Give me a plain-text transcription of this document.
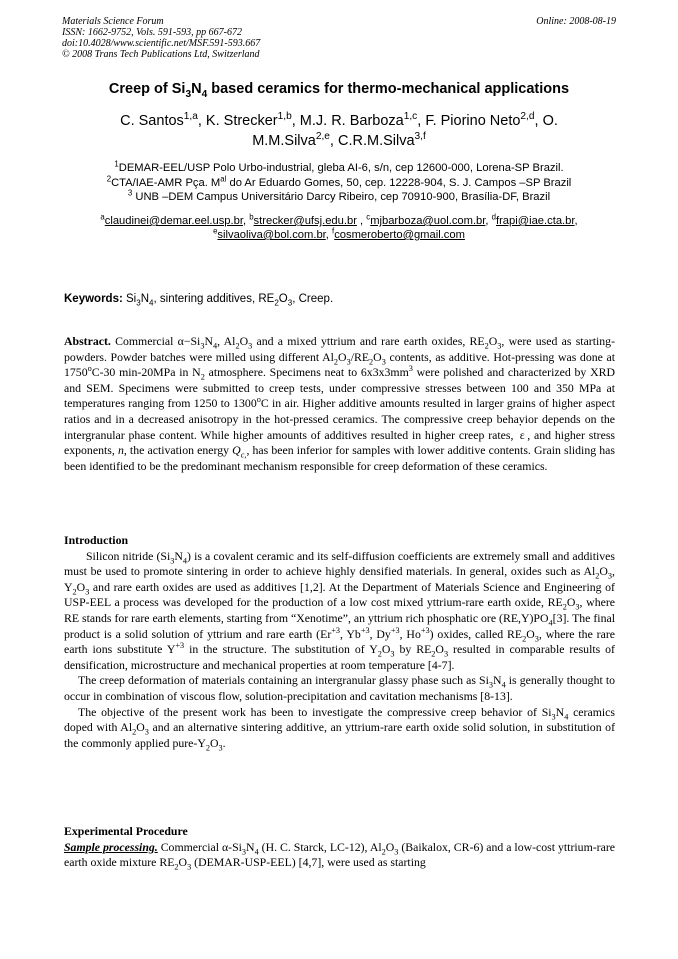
Materials Science Forum
ISSN: 1662-9752, Vols. 591-593, pp 667-672
doi:10.4028/www.scientific.net/MSF.591-593.667
© 2008 Trans Tech Publications Ltd, Switzerland
Online: 2008-08-19
Creep of $Si_3N_4$ based ceramics for thermo-mechanical applications
C. Santos$^{1,a}$, K. Strecker$^{1,b}$, M.J. R. Barboza$^{1,c}$, F. Piorino Neto$^{2,d}$, O. M.M.Silva$^{2,e}$, C.R.M.Silva$^{3,f}$
$^1$DEMAR-EEL/USP Polo Urbo-industrial, gleba AI-6, s/n, cep 12600-000, Lorena-SP Brazil.
$^2$CTA/IAE-AMR Pça. $M^{al}$ do Ar Eduardo Gomes, 50, cep. 12228-904, S. J. Campos –SP Brazil
$^3$ UNB –DEM Campus Universitário Darcy Ribeiro, cep 70910-900, Brasília-DF, Brazil
$^a$claudinei@demar.eel.usp.br, $^b$strecker@ufsj.edu.br , $^c$mjbarboza@uol.com.br, $^d$frapi@iae.cta.br,
$^e$silvaoliva@bol.com.br, $^f$cosmeroberto@gmail.com
Keywords: $Si_3N_4$, sintering additives, $RE_2O_3$, Creep.

Abstract. Commercial $\alpha-Si_3N_4$, $Al_2O_3$ and a mixed yttrium and rare earth oxides, $RE_2O_3$, were used as starting-powders. Powder batches were milled using different $Al_2O_3/RE_2O_3$ contents, as additive. Hot-pressing was done at 1750$^o$C-30 min-20MPa in $N_2$ atmosphere. Specimens neat to $6x3x3mm^3$ were polished and characterized by XRD and SEM. Specimens were submitted to creep tests, under compressive stresses between 100 and 350 MPa at temperatures ranging from 1250 to 1300$^o$C in air. Higher additive amounts resulted in larger grains of higher aspect ratios and in a decreased anisotropy in the hot-pressed ceramics. The compressive creep behavior depends on the intergranular phase content. While higher amounts of additives resulted in higher creep rates, ε • , and higher stress exponents, n, the activation energy $Q_{c,}$, has been inferior for samples with lower additive contents. Grain sliding has been identified to be the predominant mechanism responsible for creep deformation of these ceramics.

Introduction

Silicon nitride $(Si_3N_4)$ is a covalent ceramic and its self-diffusion coefficients are extremely small and additives must be used to promote sintering in order to achieve highly densified materials. In general, oxides such as $Al_2O_3$, $Y_2O_3$ and rare earth oxides are used as additives [1,2]. At the Department of Materials Science and Engineering of USP-EEL a process was developed for the production of a low cost mixed yttrium-rare earth oxide, $RE_2O_3$, where RE stands for rare earth elements, starting from “Xenotime”, an yttrium rich phosphatic ore $(RE,Y)PO_4[3]$. The final product is a solid solution of yttrium and rare earth ($Er^{+3}$, $Yb^{+3}$, $Dy^{+3}$, $Ho^{+3}$) oxides, called $RE_2O_3$, where the rare earth ions substitute $Y^{+3}$ in the structure. The substitution of $Y_2O_3$ by $RE_2O_3$ resulted in comparable results of densification, microstructure and mechanical properties at room temperature [4-7].

The creep deformation of materials containing an intergranular glassy phase such as $Si_3N_4$ is generally thought to occur in combination of viscous flow, solution-precipitation and cavitation mechanisms [8-13].

The objective of the present work has been to investigate the compressive creep behavior of $Si_3N_4$ ceramics doped with $Al_2O_3$ and an alternative sintering additive, an yttrium-rare earth oxide solid solution, in substitution of the commonly applied pure-$Y_2O_3$.

Experimental Procedure

Sample processing. Commercial $\alpha-Si_3N_4$ (H. C. Starck, LC-12), $Al_2O_3$ (Baikalox, CR-6) and a low-cost yttrium-rare earth oxide mixture $RE_2O_3$ (DEMAR-USP-EEL) [4,7], were used as starting
